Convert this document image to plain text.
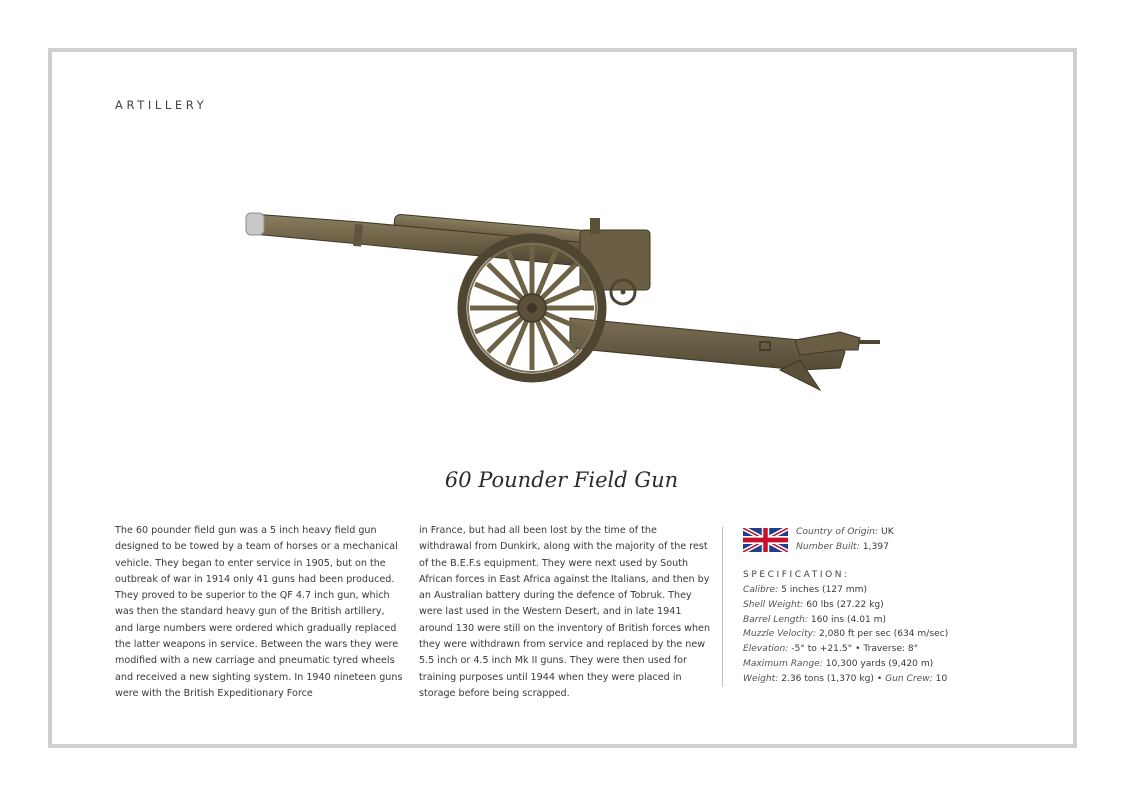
ARTILLERY
60 Pounder Field Gun
The 60 pounder field gun was a 5 inch heavy field gun designed to be towed by a team of horses or a mechanical vehicle. They began to enter service in 1905, but on the outbreak of war in 1914 only 41 guns had been produced. They proved to be superior to the QF 4.7 inch gun, which was then the standard heavy gun of the British artillery, and large numbers were ordered which gradually replaced the latter weapons in service. Between the wars they were modified with a new carriage and pneumatic tyred wheels and received a new sighting system. In 1940 nineteen guns were with the British Expeditionary Force
in France, but had all been lost by the time of the withdrawal from Dunkirk, along with the majority of the rest of the B.E.F.s equipment. They were next used by South African forces in East Africa against the Italians, and then by an Australian battery during the defence of Tobruk. They were last used in the Western Desert, and in late 1941 around 130 were still on the inventory of British forces when they were withdrawn from service and replaced by the new 5.5 inch or 4.5 inch Mk II guns. They were then used for training purposes until 1944 when they were placed in storage before being scrapped.
Country of Origin: UK
Number Built: 1,397
SPECIFICATION:
Calibre: 5 inches (127 mm)
Shell Weight: 60 lbs (27.22 kg)
Barrel Length: 160 ins (4.01 m)
Muzzle Velocity: 2,080 ft per sec (634 m/sec)
Elevation: -5° to +21.5° • Traverse: 8°
Maximum Range: 10,300 yards (9,420 m)
Weight: 2.36 tons (1,370 kg) • Gun Crew: 10
